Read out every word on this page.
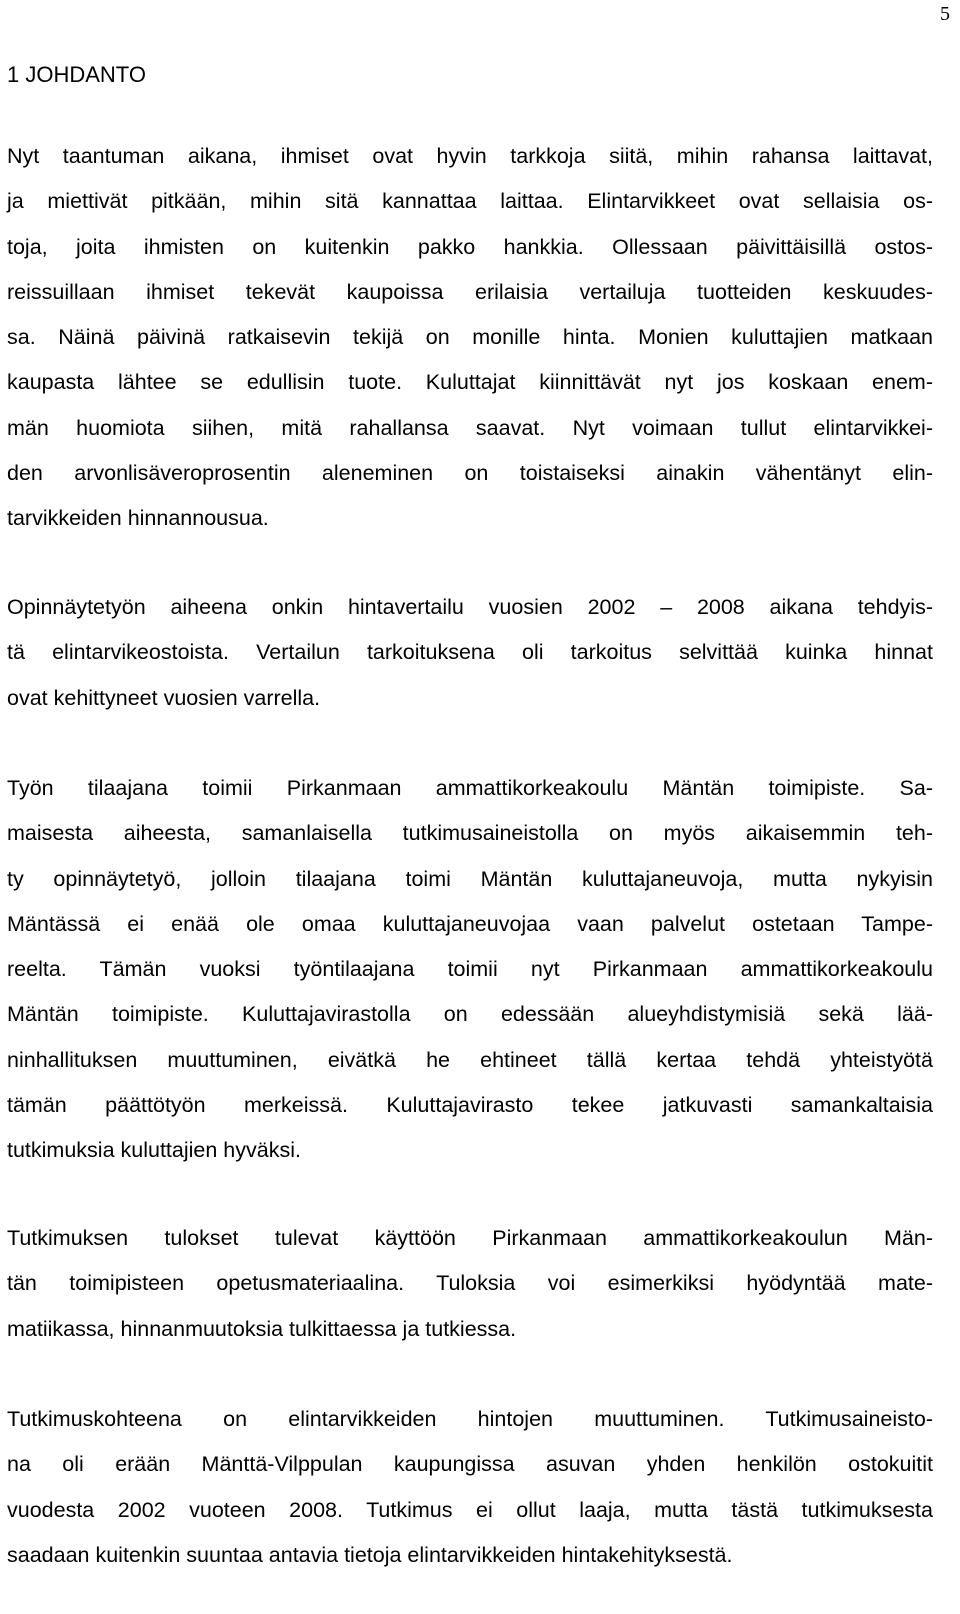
5
1 JOHDANTO
Nyt taantuman aikana, ihmiset ovat hyvin tarkkoja siitä, mihin rahansa laittavat,
ja miettivät pitkään, mihin sitä kannattaa laittaa. Elintarvikkeet ovat sellaisia os-
toja, joita ihmisten on kuitenkin pakko hankkia. Ollessaan päivittäisillä ostos-
reissuillaan ihmiset tekevät kaupoissa erilaisia vertailuja tuotteiden keskuudes-
sa. Näinä päivinä ratkaisevin tekijä on monille hinta. Monien kuluttajien matkaan
kaupasta lähtee se edullisin tuote. Kuluttajat kiinnittävät nyt jos koskaan enem-
män huomiota siihen, mitä rahallansa saavat. Nyt voimaan tullut elintarvikkei-
den arvonlisäveroprosentin aleneminen on toistaiseksi ainakin vähentänyt elin-
tarvikkeiden hinnannousua.
Opinnäytetyön aiheena onkin hintavertailu vuosien 2002 – 2008 aikana tehdyis-
tä elintarvikeostoista. Vertailun tarkoituksena oli tarkoitus selvittää kuinka hinnat
ovat kehittyneet vuosien varrella.
Työn tilaajana toimii Pirkanmaan ammattikorkeakoulu Mäntän toimipiste. Sa-
maisesta aiheesta, samanlaisella tutkimusaineistolla on myös aikaisemmin teh-
ty opinnäytetyö, jolloin tilaajana toimi Mäntän kuluttajaneuvoja, mutta nykyisin
Mäntässä ei enää ole omaa kuluttajaneuvojaa vaan palvelut ostetaan Tampe-
reelta. Tämän vuoksi työntilaajana toimii nyt Pirkanmaan ammattikorkeakoulu
Mäntän toimipiste. Kuluttajavirastolla on edessään alueyhdistymisiä sekä lää-
ninhallituksen muuttuminen, eivätkä he ehtineet tällä kertaa tehdä yhteistyötä
tämän päättötyön merkeissä. Kuluttajavirasto tekee jatkuvasti samankaltaisia
tutkimuksia kuluttajien hyväksi.
Tutkimuksen tulokset tulevat käyttöön Pirkanmaan ammattikorkeakoulun Män-
tän toimipisteen opetusmateriaalina. Tuloksia voi esimerkiksi hyödyntää mate-
matiikassa, hinnanmuutoksia tulkittaessa ja tutkiessa.
Tutkimuskohteena on elintarvikkeiden hintojen muuttuminen. Tutkimusaineisto-
na oli erään Mänttä-Vilppulan kaupungissa asuvan yhden henkilön ostokuitit
vuodesta 2002 vuoteen 2008. Tutkimus ei ollut laaja, mutta tästä tutkimuksesta
saadaan kuitenkin suuntaa antavia tietoja elintarvikkeiden hintakehityksestä.
